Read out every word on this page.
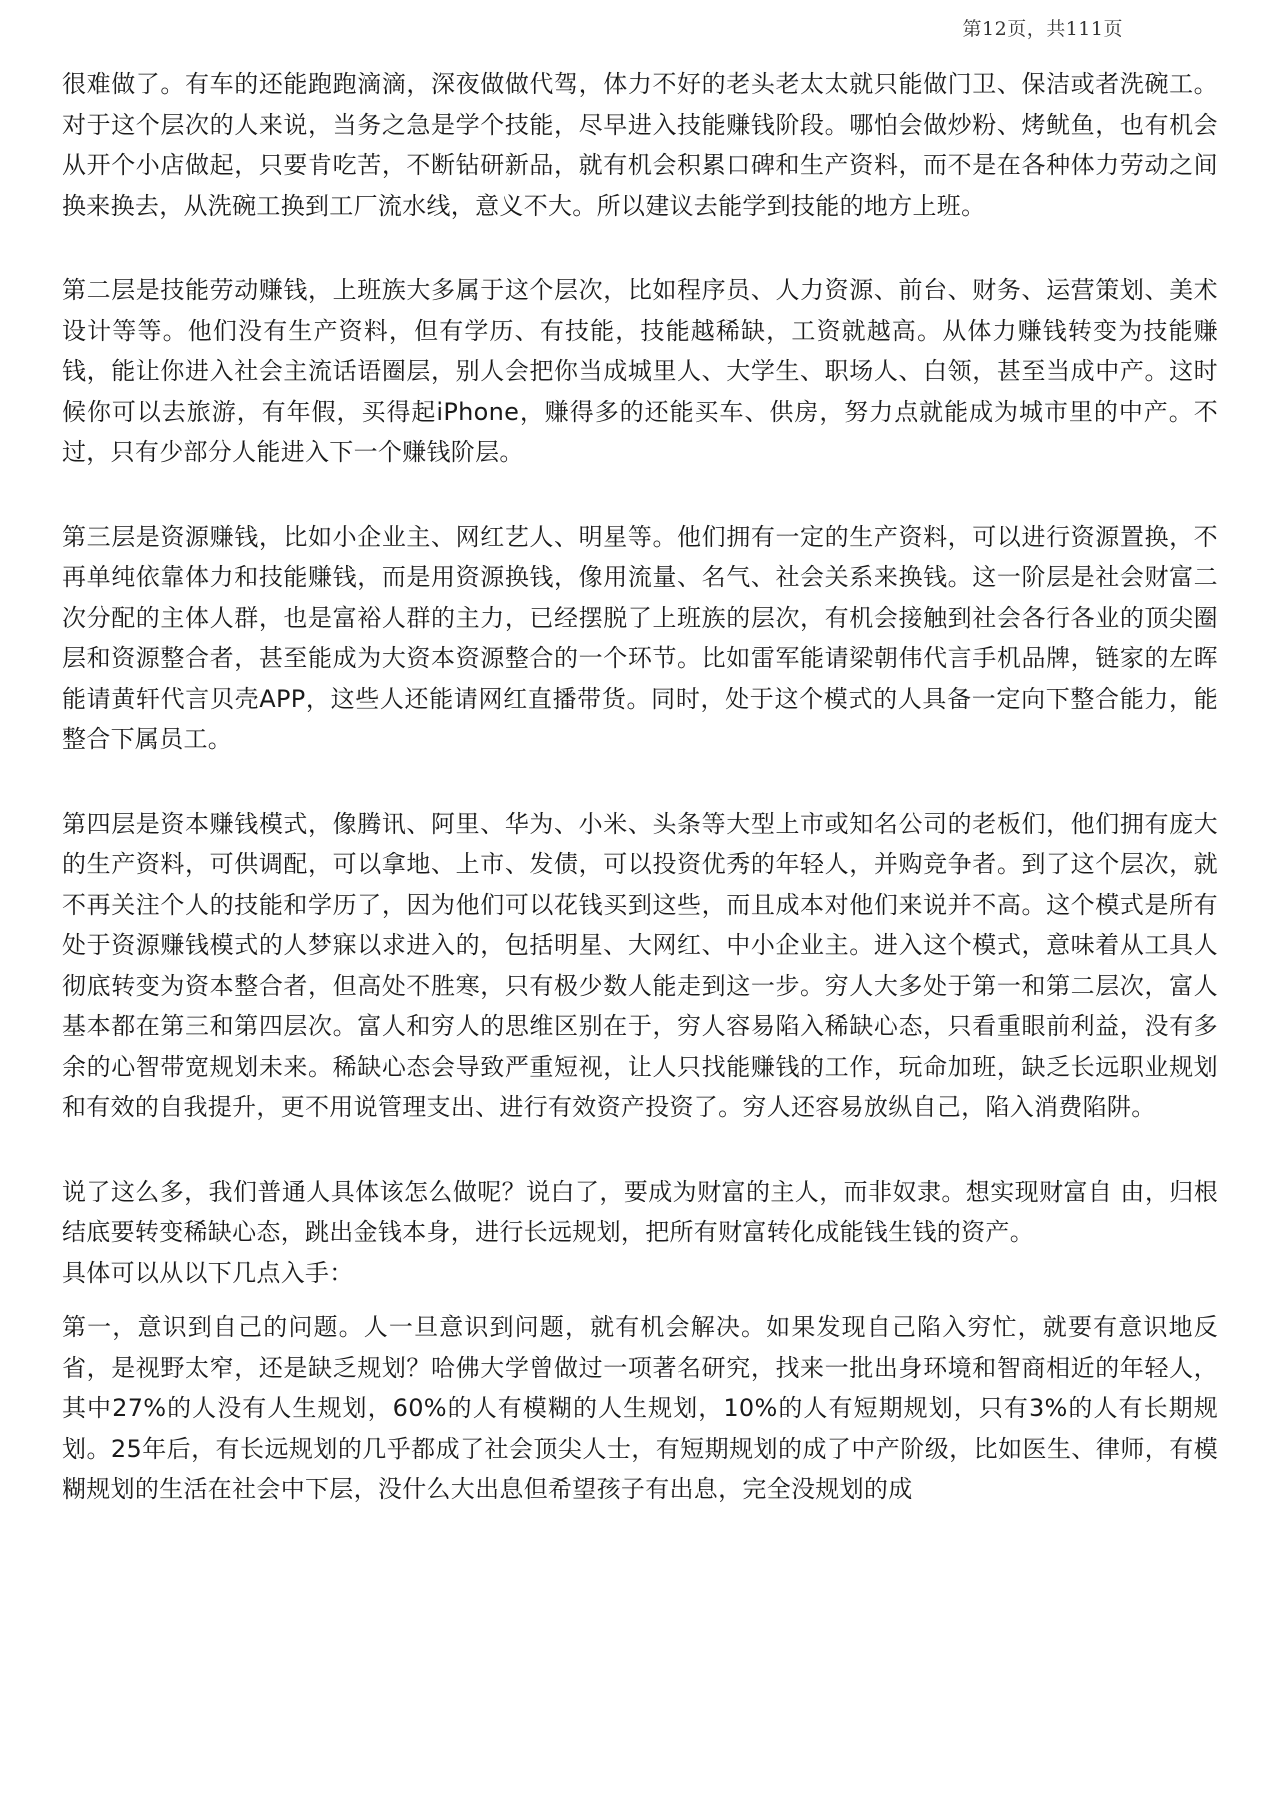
第12页，共111页

很难做了。有车的还能跑跑滴滴，深夜做做代驾，体力不好的老头老太太就只能做门卫、保洁或者洗碗工。对于这个层次的人来说，当务之急是学个技能，尽早进入技能赚钱阶段。哪怕会做炒粉、烤鱿鱼，也有机会从开个小店做起，只要肯吃苦，不断钻研新品，就有机会积累口碑和生产资料，而不是在各种体力劳动之间换来换去，从洗碗工换到工厂流水线，意义不大。所以建议去能学到技能的地方上班。

第二层是技能劳动赚钱，上班族大多属于这个层次，比如程序员、人力资源、前台、财务、运营策划、美术设计等等。他们没有生产资料，但有学历、有技能，技能越稀缺，工资就越高。从体力赚钱转变为技能赚钱，能让你进入社会主流话语圈层，别人会把你当成城里人、大学生、职场人、白领，甚至当成中产。这时候你可以去旅游，有年假，买得起iPhone，赚得多的还能买车、供房，努力点就能成为城市里的中产。不过，只有少部分人能进入下一个赚钱阶层。

第三层是资源赚钱，比如小企业主、网红艺人、明星等。他们拥有一定的生产资料，可以进行资源置换，不再单纯依靠体力和技能赚钱，而是用资源换钱，像用流量、名气、社会关系来换钱。这一阶层是社会财富二次分配的主体人群，也是富裕人群的主力，已经摆脱了上班族的层次，有机会接触到社会各行各业的顶尖圈层和资源整合者，甚至能成为大资本资源整合的一个环节。比如雷军能请梁朝伟代言手机品牌，链家的左晖能请黄轩代言贝壳APP，这些人还能请网红直播带货。同时，处于这个模式的人具备一定向下整合能力，能整合下属员工。

第四层是资本赚钱模式，像腾讯、阿里、华为、小米、头条等大型上市或知名公司的老板们，他们拥有庞大的生产资料，可供调配，可以拿地、上市、发债，可以投资优秀的年轻人，并购竞争者。到了这个层次，就不再关注个人的技能和学历了，因为他们可以花钱买到这些，而且成本对他们来说并不高。这个模式是所有处于资源赚钱模式的人梦寐以求进入的，包括明星、大网红、中小企业主。进入这个模式，意味着从工具人彻底转变为资本整合者，但高处不胜寒，只有极少数人能走到这一步。穷人大多处于第一和第二层次，富人基本都在第三和第四层次。富人和穷人的思维区别在于，穷人容易陷入稀缺心态，只看重眼前利益，没有多余的心智带宽规划未来。稀缺心态会导致严重短视，让人只找能赚钱的工作，玩命加班，缺乏长远职业规划和有效的自我提升，更不用说管理支出、进行有效资产投资了。穷人还容易放纵自己，陷入消费陷阱。

说了这么多，我们普通人具体该怎么做呢？说白了，要成为财富的主人，而非奴隶。想实现财富自 由，归根结底要转变稀缺心态，跳出金钱本身，进行长远规划，把所有财富转化成能钱生钱的资产。

具体可以从以下几点入手：

第一，意识到自己的问题。人一旦意识到问题，就有机会解决。如果发现自己陷入穷忙，就要有意识地反省，是视野太窄，还是缺乏规划？哈佛大学曾做过一项著名研究，找来一批出身环境和智商相近的年轻人，其中27%的人没有人生规划，60%的人有模糊的人生规划，10%的人有短期规划，只有3%的人有长期规划。25年后，有长远规划的几乎都成了社会顶尖人士，有短期规划的成了中产阶级，比如医生、律师，有模糊规划的生活在社会中下层，没什么大出息但希望孩子有出息，完全没规划的成
